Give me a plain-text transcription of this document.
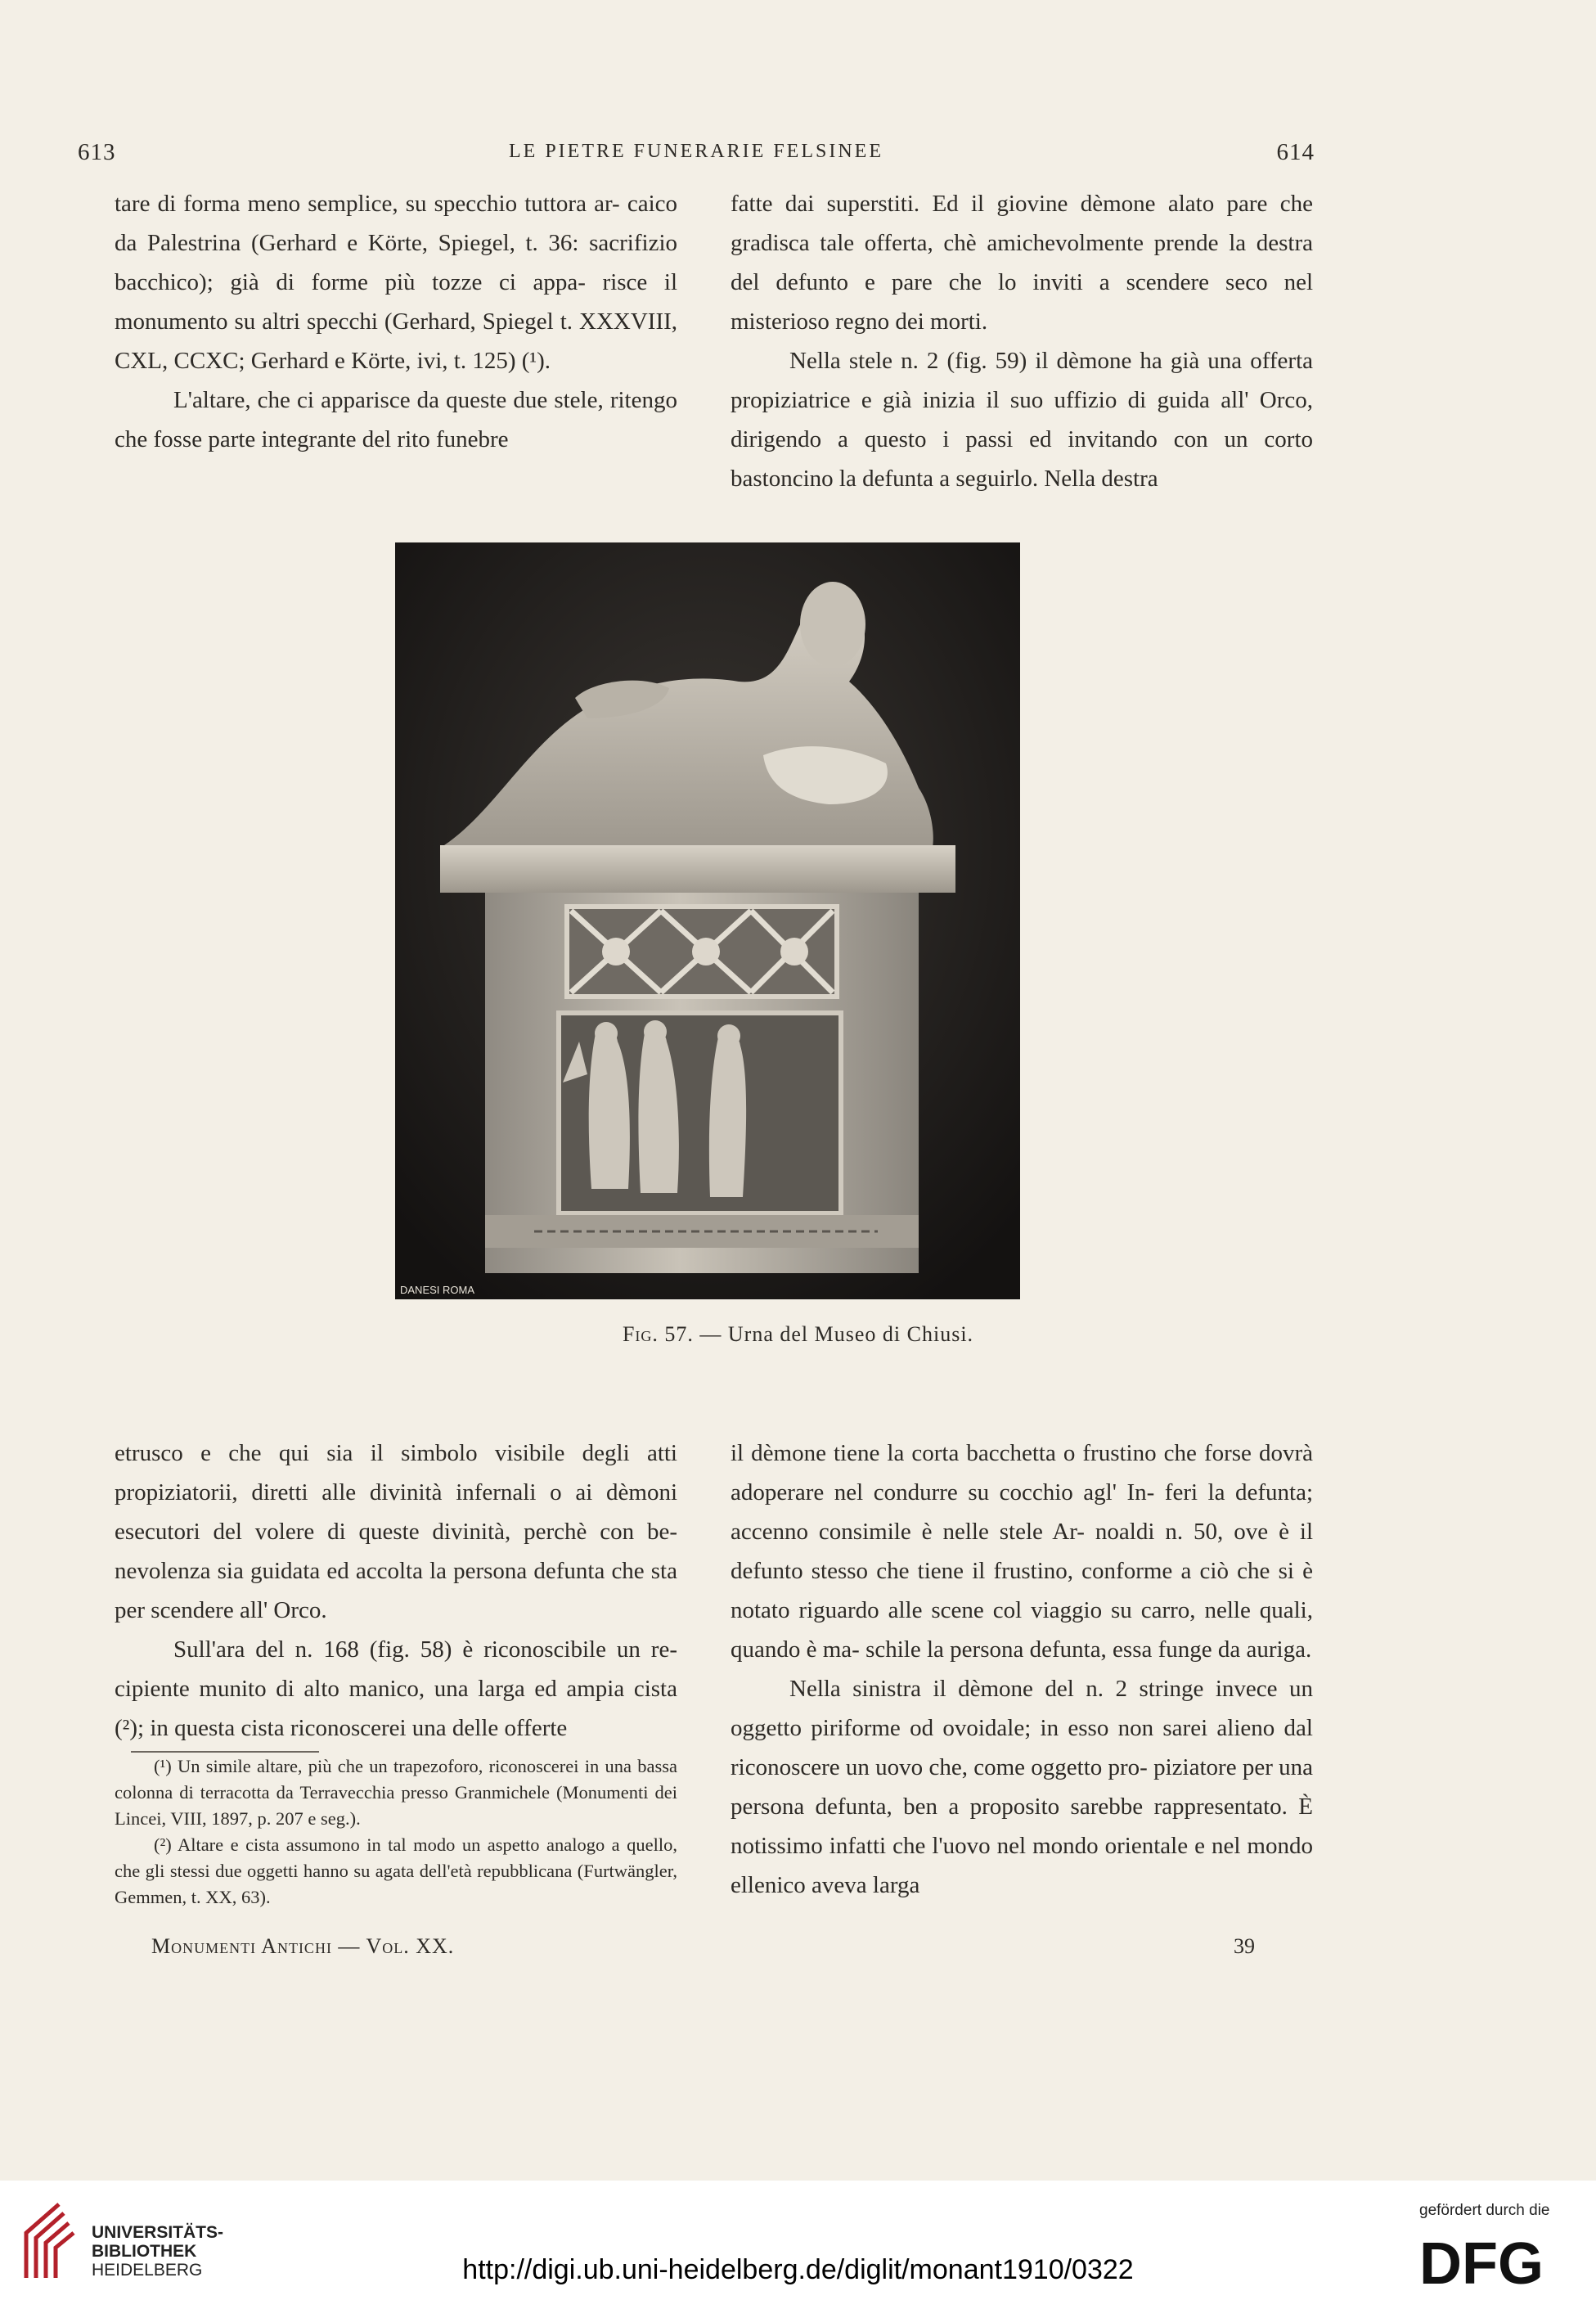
613	LE PIETRE FUNERARIE FELSINEE	614

tare di forma meno semplice, su specchio tuttora ar- caico da Palestrina (Gerhard e Körte, Spiegel, t. 36: sacrifizio bacchico); già di forme più tozze ci appa- risce il monumento su altri specchi (Gerhard, Spiegel t. XXXVIII, CXL, CCXC; Gerhard e Körte, ivi, t. 125) (¹).

L'altare, che ci apparisce da queste due stele, ritengo che fosse parte integrante del rito funebre

fatte dai superstiti. Ed il giovine dèmone alato pare che gradisca tale offerta, chè amichevolmente prende la destra del defunto e pare che lo inviti a scendere seco nel misterioso regno dei morti.

Nella stele n. 2 (fig. 59) il dèmone ha già una offerta propiziatrice e già inizia il suo uffizio di guida all' Orco, dirigendo a questo i passi ed invitando con un corto bastoncino la defunta a seguirlo. Nella destra

DANESI ROMA
Fig. 57. — Urna del Museo di Chiusi.

etrusco e che qui sia il simbolo visibile degli atti propiziatorii, diretti alle divinità infernali o ai dèmoni esecutori del volere di queste divinità, perchè con be- nevolenza sia guidata ed accolta la persona defunta che sta per scendere all' Orco.

Sull'ara del n. 168 (fig. 58) è riconoscibile un re- cipiente munito di alto manico, una larga ed ampia cista (²); in questa cista riconoscerei una delle offerte

il dèmone tiene la corta bacchetta o frustino che forse dovrà adoperare nel condurre su cocchio agl' In- feri la defunta; accenno consimile è nelle stele Ar- noaldi n. 50, ove è il defunto stesso che tiene il frustino, conforme a ciò che si è notato riguardo alle scene col viaggio su carro, nelle quali, quando è ma- schile la persona defunta, essa funge da auriga.

Nella sinistra il dèmone del n. 2 stringe invece un oggetto piriforme od ovoidale; in esso non sarei alieno dal riconoscere un uovo che, come oggetto pro- piziatore per una persona defunta, ben a proposito sarebbe rappresentato. È notissimo infatti che l'uovo nel mondo orientale e nel mondo ellenico aveva larga

(¹) Un simile altare, più che un trapezoforo, riconoscerei in una bassa colonna di terracotta da Terravecchia presso Granmichele (Monumenti dei Lincei, VIII, 1897, p. 207 e seg.).

(²) Altare e cista assumono in tal modo un aspetto analogo a quello, che gli stessi due oggetti hanno su agata dell'età repubblicana (Furtwängler, Gemmen, t. XX, 63).

Monumenti Antichi — Vol. XX.	39
UNIVERSITÄTS-
BIBLIOTHEK
HEIDELBERG	http://digi.ub.uni-heidelberg.de/diglit/monant1910/0322
gefördert durch die
DFG
